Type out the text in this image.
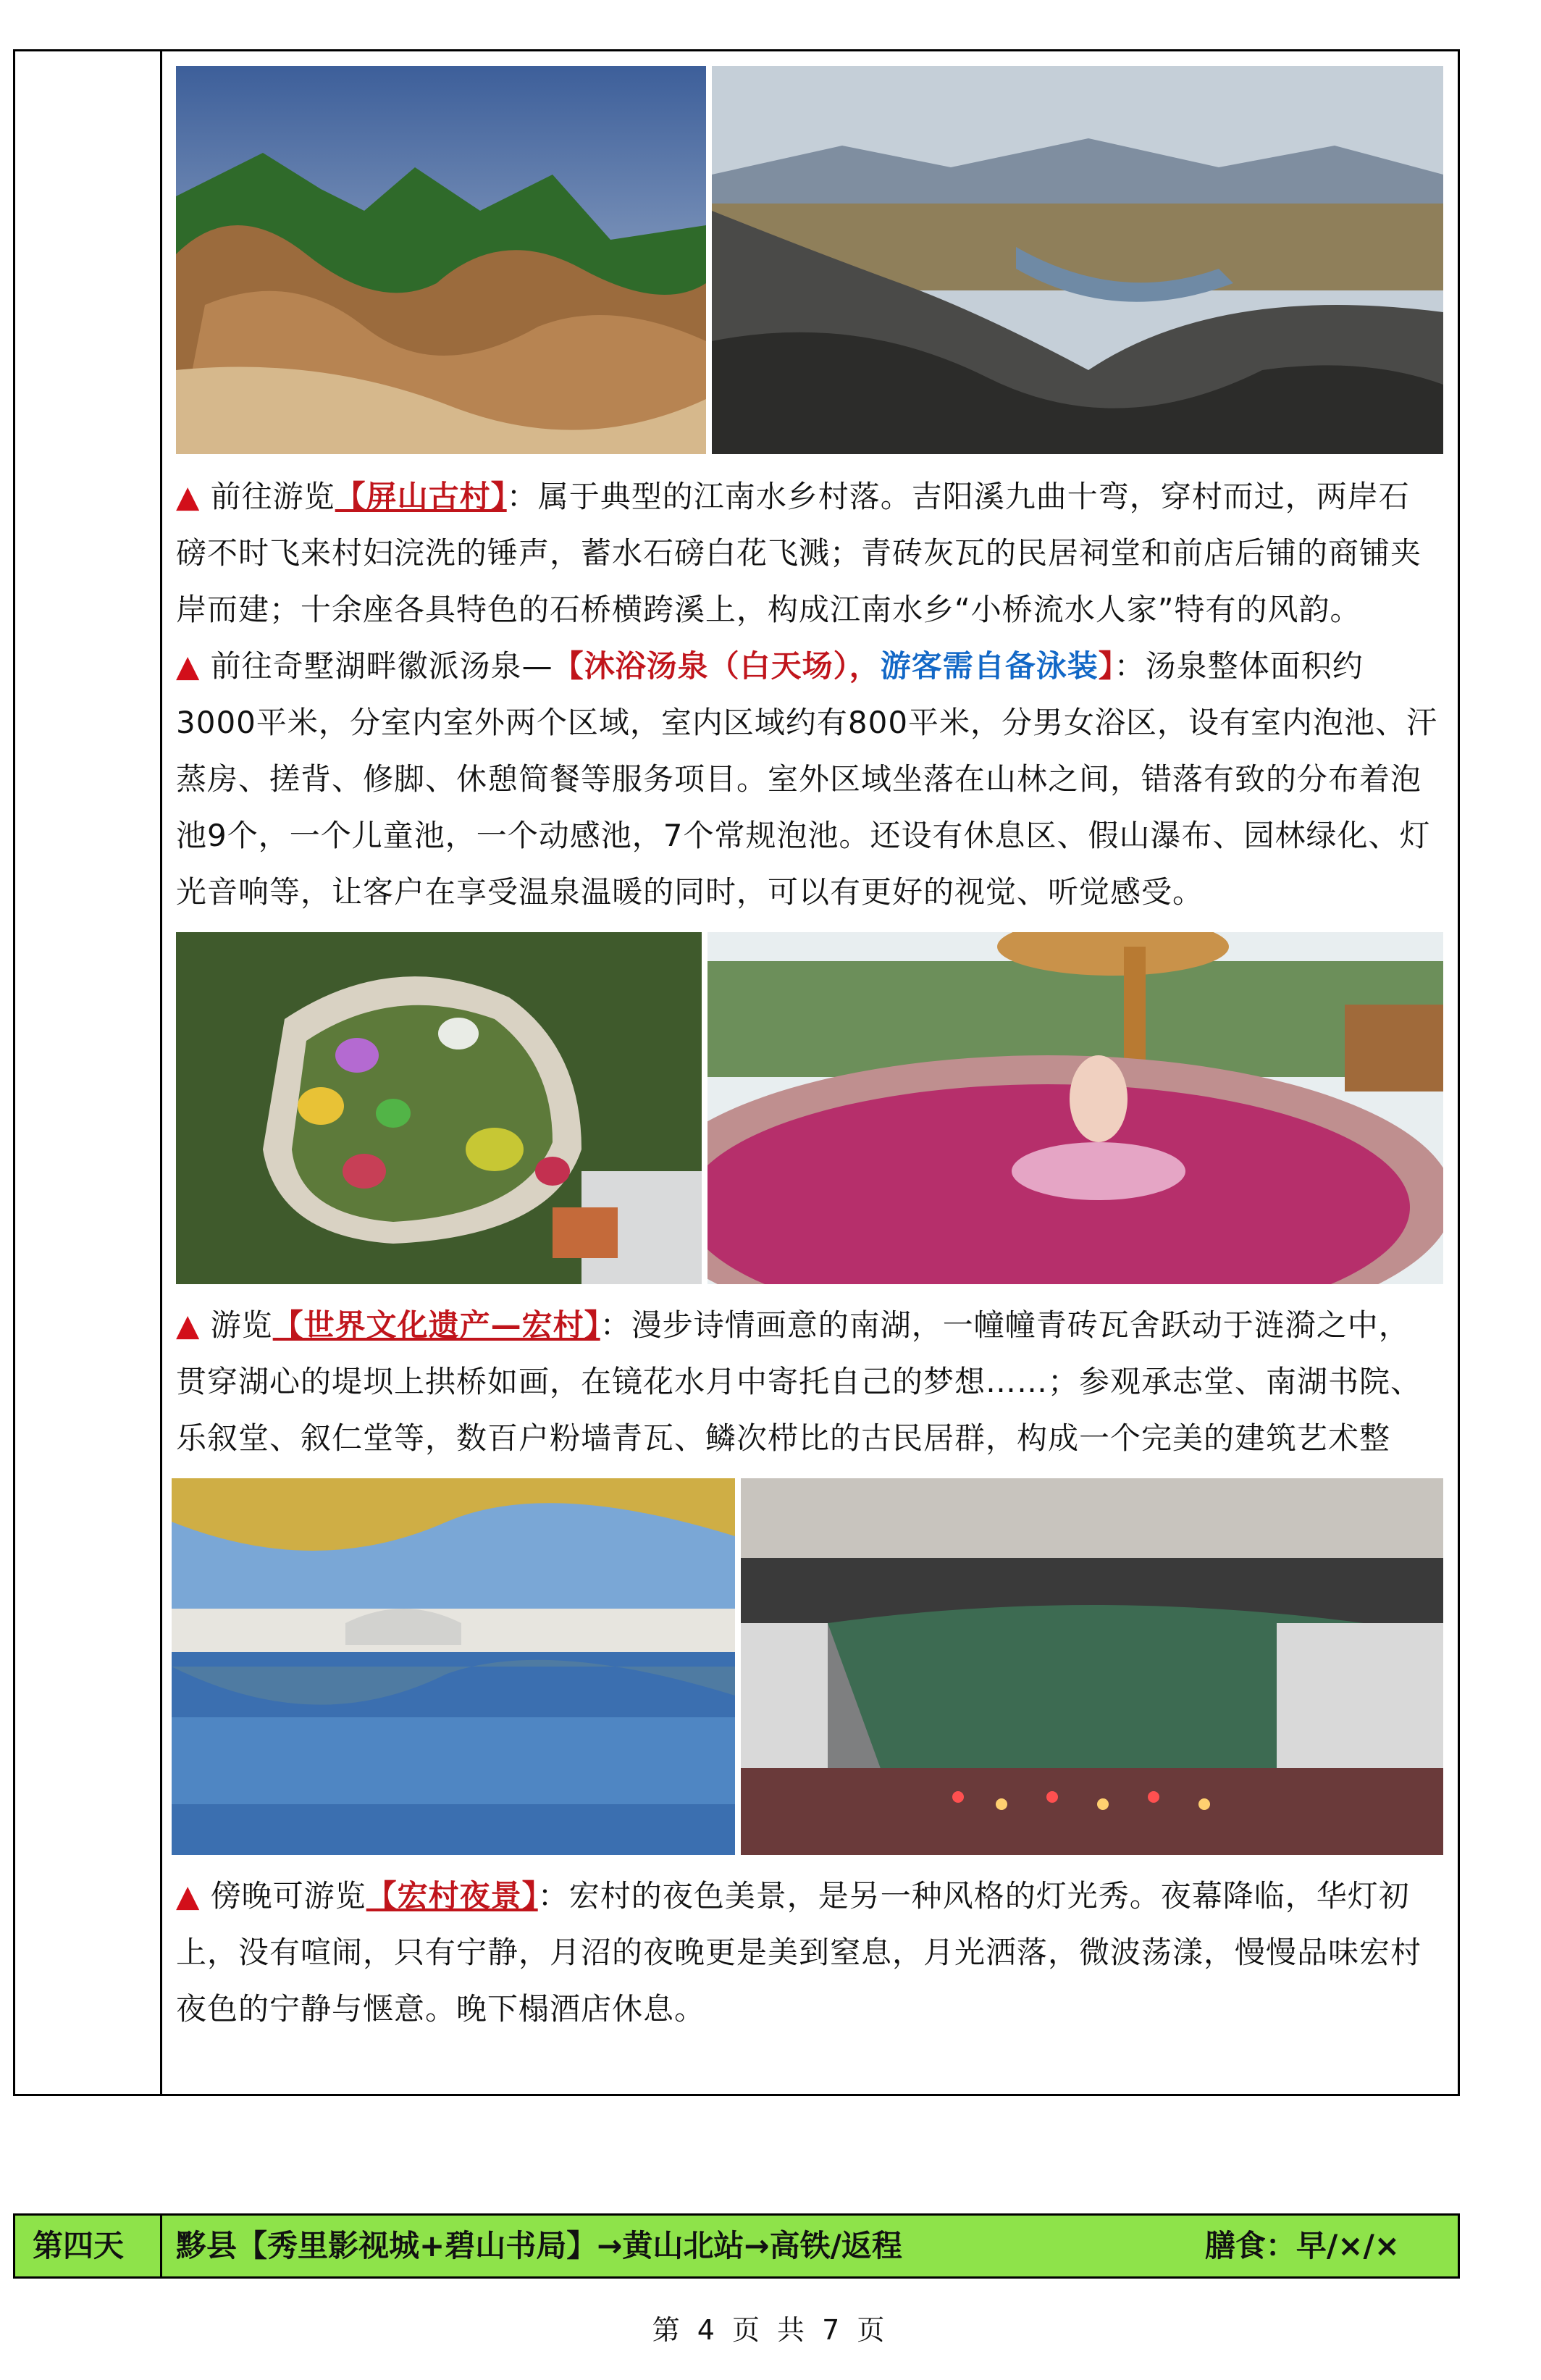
▲ 前往游览【屏山古村】：属于典型的江南水乡村落。吉阳溪九曲十弯，穿村而过，两岸石磅不时飞来村妇浣洗的锤声，蓄水石磅白花飞溅；青砖灰瓦的民居祠堂和前店后铺的商铺夹岸而建；十余座各具特色的石桥横跨溪上，构成江南水乡“小桥流水人家”特有的风韵。
▲ 前往奇墅湖畔徽派汤泉—【沐浴汤泉（白天场），游客需自备泳装】：汤泉整体面积约3000平米，分室内室外两个区域，室内区域约有800平米，分男女浴区，设有室内泡池、汗蒸房、搓背、修脚、休憩简餐等服务项目。室外区域坐落在山林之间，错落有致的分布着泡池9个，一个儿童池，一个动感池，7个常规泡池。还设有休息区、假山瀑布、园林绿化、灯光音响等，让客户在享受温泉温暖的同时，可以有更好的视觉、听觉感受。
▲ 游览【世界文化遗产—宏村】：漫步诗情画意的南湖，一幢幢青砖瓦舍跃动于涟漪之中，贯穿湖心的堤坝上拱桥如画，在镜花水月中寄托自己的梦想……；参观承志堂、南湖书院、乐叙堂、叙仁堂等，数百户粉墙青瓦、鳞次栉比的古民居群，构成一个完美的建筑艺术整
▲ 傍晚可游览【宏村夜景】：宏村的夜色美景，是另一种风格的灯光秀。夜幕降临，华灯初上，没有喧闹，只有宁静，月沼的夜晚更是美到窒息，月光洒落，微波荡漾，慢慢品味宏村夜色的宁静与惬意。晚下榻酒店休息。
第四天 黟县【秀里影视城+碧山书局】→黄山北站→高铁/返程	膳食：早/×/×
第 4 页 共 7 页
